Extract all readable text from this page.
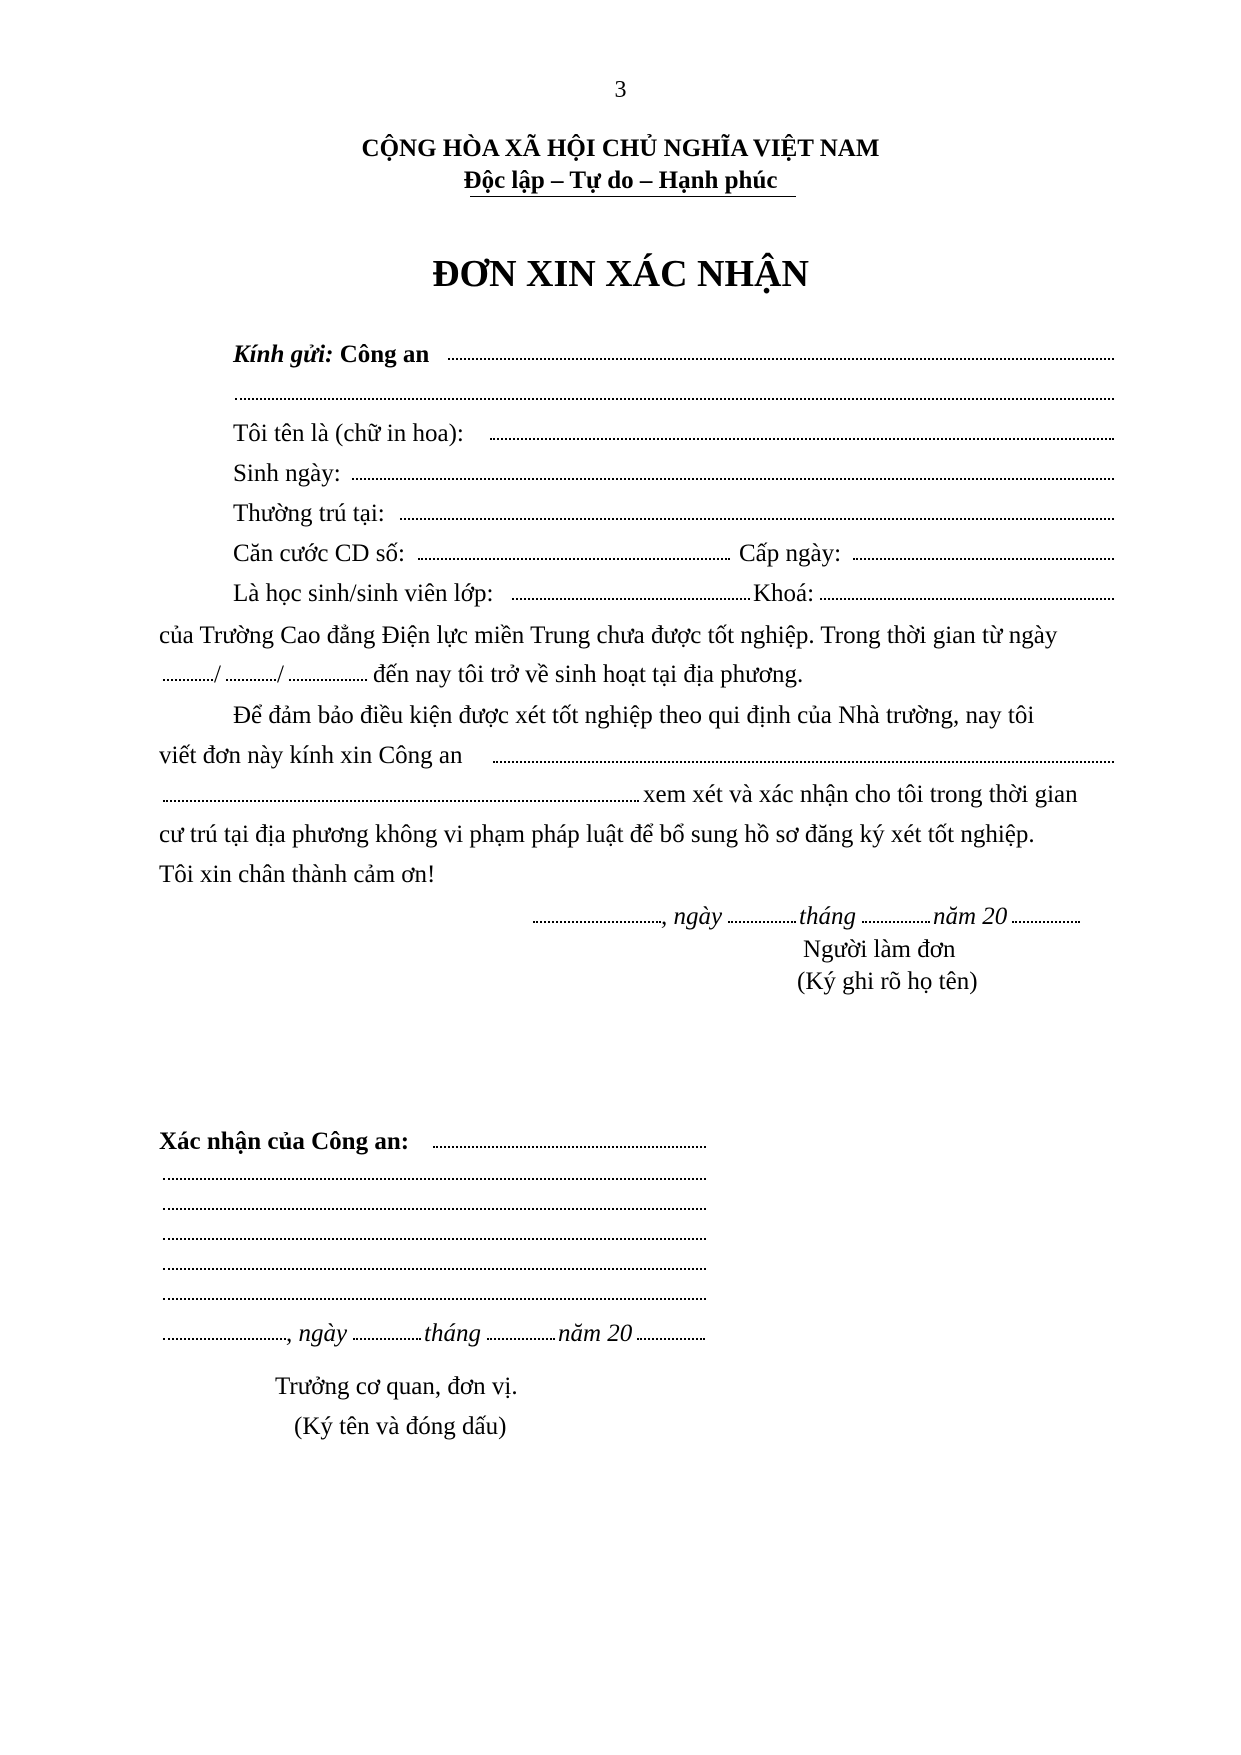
3
CỘNG HÒA XÃ HỘI CHỦ NGHĨA VIỆT NAM
Độc lập – Tự do – Hạnh phúc
ĐƠN XIN XÁC NHẬN
Kính gửi: Công an
Tôi tên là (chữ in hoa):
Sinh ngày:
Thường trú tại:
Căn cước CD số:	Cấp ngày:
Là học sinh/sinh viên lớp:	Khoá:
của Trường Cao đẳng Điện lực miền Trung chưa được tốt nghiệp. Trong thời gian từ ngày
/ /	đến nay tôi trở về sinh hoạt tại địa phương.
Để đảm bảo điều kiện được xét tốt nghiệp theo qui định của Nhà trường, nay tôi
viết đơn này kính xin Công an
xem xét và xác nhận cho tôi trong thời gian
cư trú tại địa phương không vi phạm pháp luật để bổ sung hồ sơ đăng ký xét tốt nghiệp.
Tôi xin chân thành cảm ơn!
, ngày	tháng	năm 20
Người làm đơn
(Ký ghi rõ họ tên)
Xác nhận của Công an:
, ngày	tháng	năm 20
Trưởng cơ quan, đơn vị.
(Ký tên và đóng dấu)
